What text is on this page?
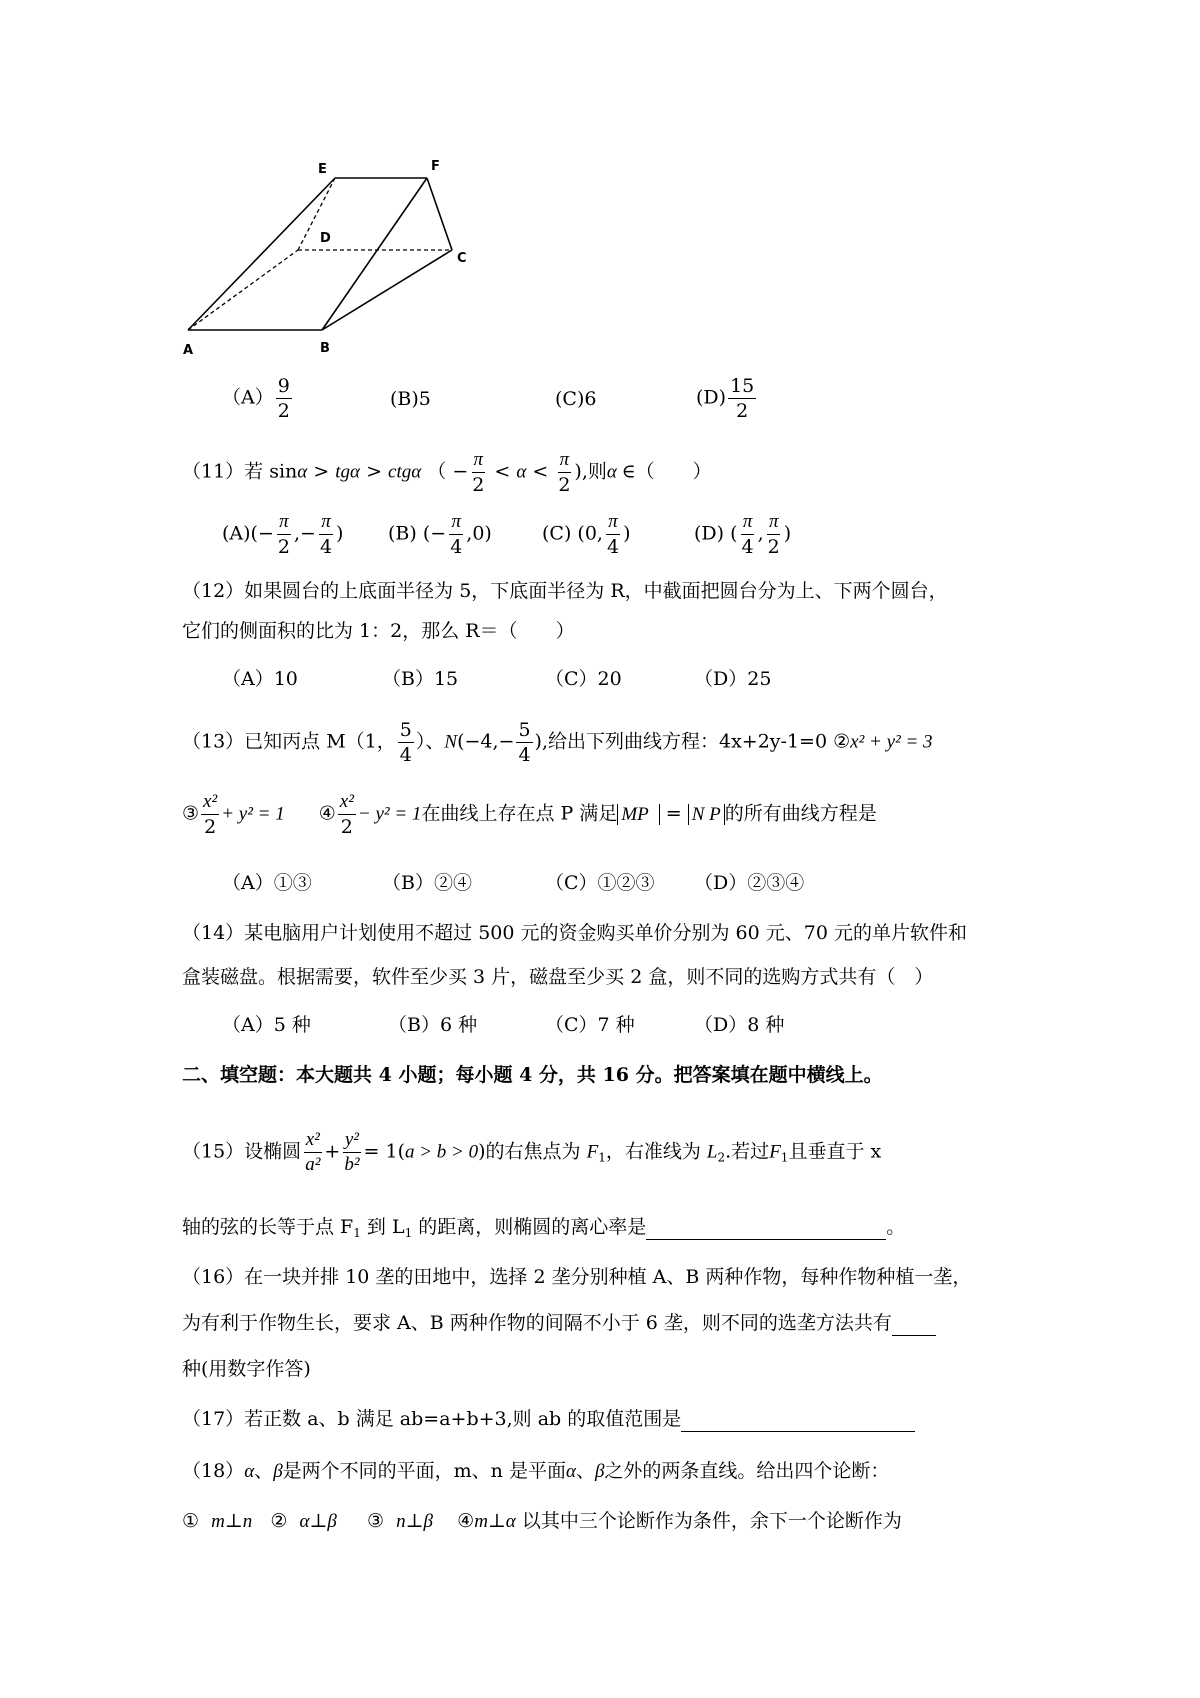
E	F
D
C
A	B
$(A) \frac{9}{2}$	(B)5	(C)6	$(D) \frac{15}{2}$
（11）若 sinα > tgα > ctgα （ − $\frac{\pi}{2} < \alpha < \frac{\pi}{2}$ ),则α ∈（　　）
$(A)(- \frac{\pi}{2}$ ,− $\frac{\pi}{4}$ ) (B) (− $\frac{\pi}{4} ,0$)	(C) (0, $\frac{\pi}{4}$ )	(D) ( $\frac{\pi}{4}$ , $\frac{\pi}{2}$ )
（12）如果圆台的上底面半径为 5，下底面半径为 R，中截面把圆台分为上、下两个圆台，
它们的侧面积的比为 1：2，那么 R＝（　　）
（A）10	（B）15	（C）20	（D）25
（13）已知丙点 M（1， $\frac{5}{4}$ ）、$N(-4,- \frac{5}{4}$ ),给出下列曲线方程：4x+2y-1=0 ②x² + y² = 3
③ $\frac{\text{x²}}{2} + y^2 = 1$ ④ $\frac{\text{x²}}{2} - y^2 = 1$在曲线上存在点 P 满足 MP = N P 的所有曲线方程是
（A）①③	（B）②④	（C）①②③ （D）②③④
（14）某电脑用户计划使用不超过 500 元的资金购买单价分别为 60 元、70 元的单片软件和
盒装磁盘。根据需要，软件至少买 3 片，磁盘至少买 2 盒，则不同的选购方式共有（　）
（A）5 种	（B）6 种	（C）7 种	（D）8 种
二、填空题：本大题共 4 小题；每小题 4 分，共 16 分。把答案填在题中横线上。
（15）设椭圆 $\frac{\text{x²}}{\text{a²}} + \frac{\text{y²}}{\text{b²}} = 1(a > b > 0)$的右焦点为 $F_1$，右准线为 $L_2$.若过$F_1$且垂直于 x
轴的弦的长等于点 $F_1$ 到 $L_1$ 的距离，则椭圆的离心率是	。
（16）在一块并排 10 垄的田地中，选择 2 垄分别种植 A、B 两种作物，每种作物种植一垄，
为有利于作物生长，要求 A、B 两种作物的间隔不小于 6 垄，则不同的选垄方法共有
种(用数字作答)
（17）若正数 a、b 满足 ab=a+b+3,则 ab 的取值范围是
（18）α、β是两个不同的平面，m、n 是平面α、β之外的两条直线。给出四个论断：
① m⊥n ② α⊥β ③ n⊥β ④m⊥α 以其中三个论断作为条件，余下一个论断作为
